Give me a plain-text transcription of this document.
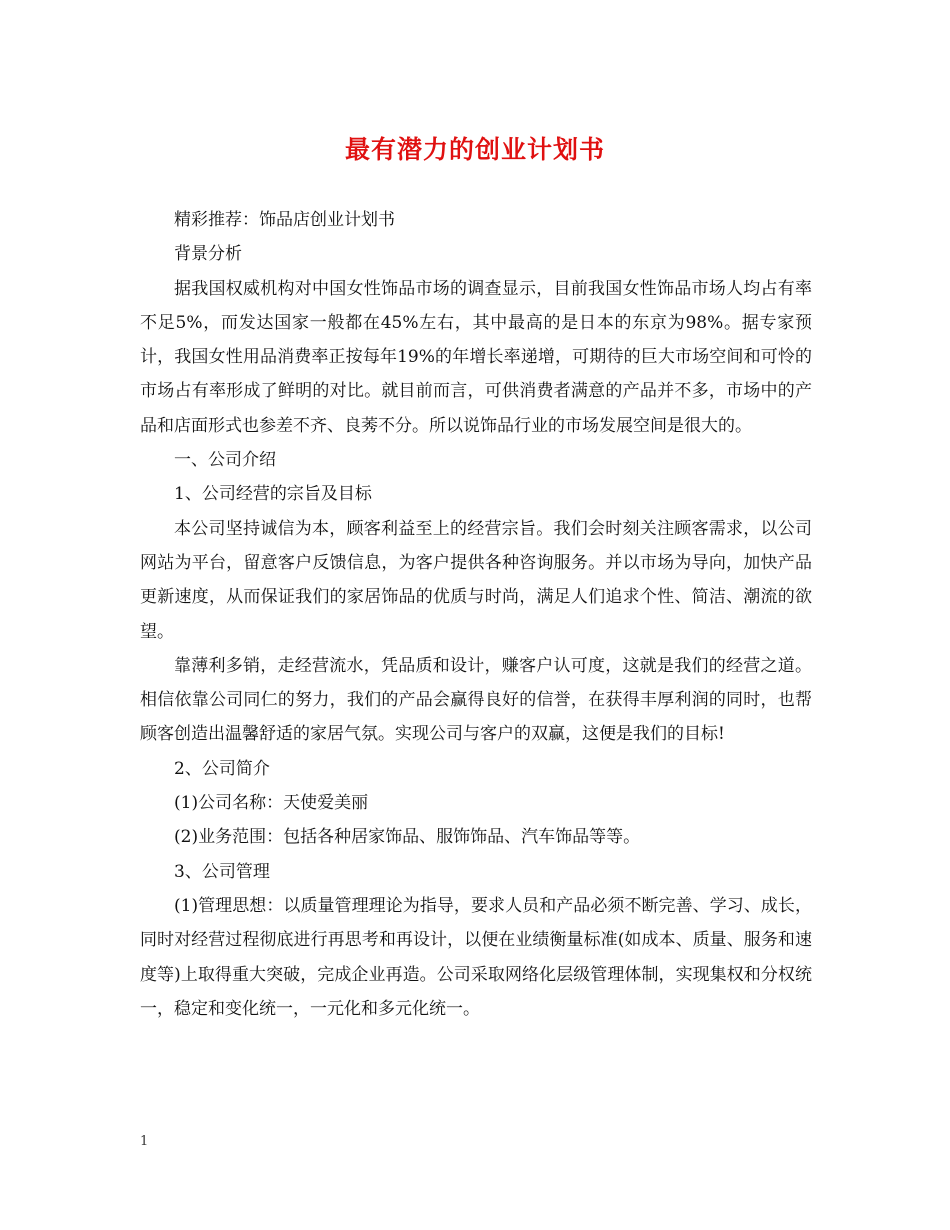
最有潜力的创业计划书

精彩推荐：饰品店创业计划书

背景分析

据我国权威机构对中国女性饰品市场的调查显示，目前我国女性饰品市场人均占有率不足5%，而发达国家一般都在45%左右，其中最高的是日本的东京为98%。据专家预计，我国女性用品消费率正按每年19%的年增长率递增，可期待的巨大市场空间和可怜的市场占有率形成了鲜明的对比。就目前而言，可供消费者满意的产品并不多，市场中的产品和店面形式也参差不齐、良莠不分。所以说饰品行业的市场发展空间是很大的。

一、公司介绍

1、公司经营的宗旨及目标

本公司坚持诚信为本，顾客利益至上的经营宗旨。我们会时刻关注顾客需求，以公司网站为平台，留意客户反馈信息，为客户提供各种咨询服务。并以市场为导向，加快产品更新速度，从而保证我们的家居饰品的优质与时尚，满足人们追求个性、简洁、潮流的欲望。

靠薄利多销，走经营流水，凭品质和设计，赚客户认可度，这就是我们的经营之道。相信依靠公司同仁的努力，我们的产品会赢得良好的信誉，在获得丰厚利润的同时，也帮顾客创造出温馨舒适的家居气氛。实现公司与客户的双赢，这便是我们的目标!

2、公司简介

(1)公司名称：天使爱美丽

(2)业务范围：包括各种居家饰品、服饰饰品、汽车饰品等等。

3、公司管理

(1)管理思想：以质量管理理论为指导，要求人员和产品必须不断完善、学习、成长，同时对经营过程彻底进行再思考和再设计，以便在业绩衡量标准(如成本、质量、服务和速度等)上取得重大突破，完成企业再造。公司采取网络化层级管理体制，实现集权和分权统一，稳定和变化统一，一元化和多元化统一。

1
